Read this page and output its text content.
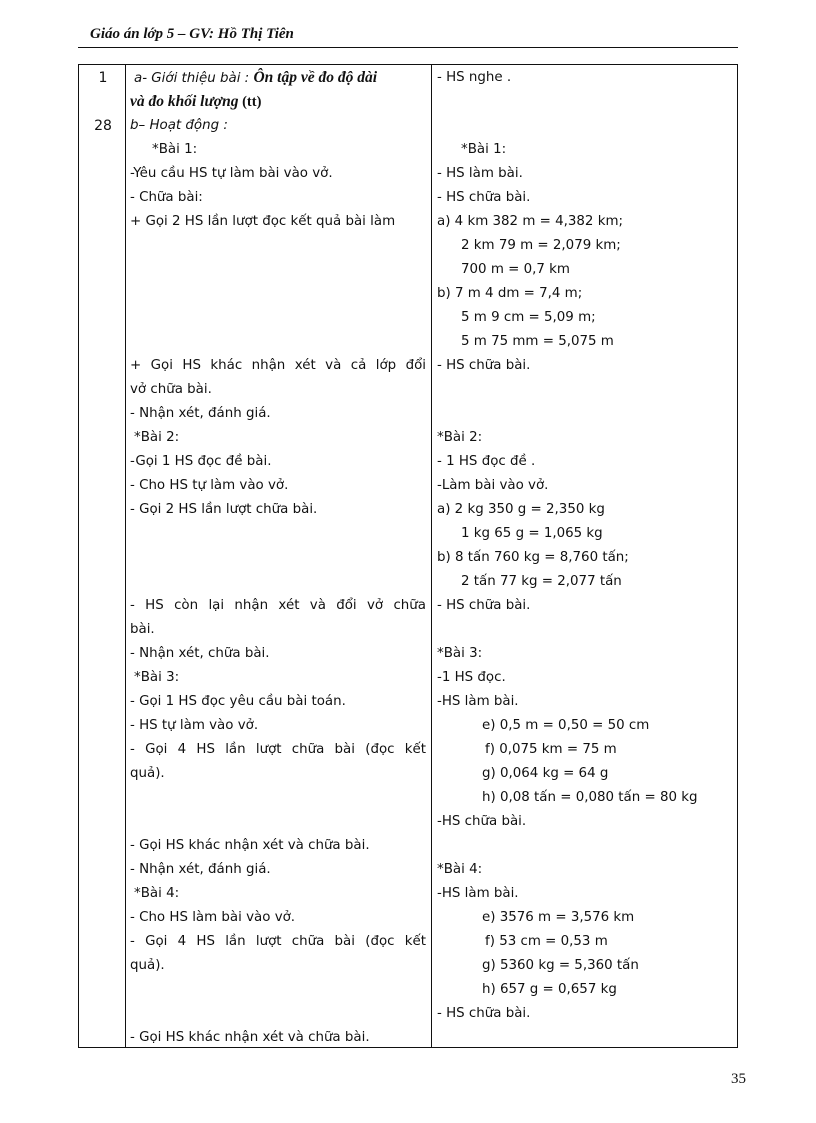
Giáo án lớp 5 – GV: Hồ Thị Tiên
1
28
a- Giới thiệu bài : Ôn tập về đo độ dài
và đo khối lượng (tt)
b– Hoạt động :
*Bài 1:
-Yêu cầu HS tự làm bài vào vở.
- Chữa bài:
+ Gọi 2 HS lần lượt đọc kết quả bài làm
+ Gọi HS khác nhận xét và cả lớp đổi
vở chữa bài.
- Nhận xét, đánh giá.
*Bài 2:
-Gọi 1 HS đọc đề bài.
- Cho HS tự làm vào vở.
- Gọi 2 HS lần lượt chữa bài.
- HS còn lại nhận xét và đổi vở chữa
bài.
- Nhận xét, chữa bài.
*Bài 3:
- Gọi 1 HS đọc yêu cầu bài toán.
- HS tự làm vào vở.
- Gọi 4 HS lần lượt chữa bài (đọc kết
quả).
- Gọi HS khác nhận xét và chữa bài.
- Nhận xét, đánh giá.
*Bài 4:
- Cho HS làm bài vào vở.
- Gọi 4 HS lần lượt chữa bài (đọc kết
quả).
- Gọi HS khác nhận xét và chữa bài.
- HS nghe .
*Bài 1:
- HS làm bài.
- HS chữa bài.
a) 4 km 382 m = 4,382 km;
2 km 79 m = 2,079 km;
700 m = 0,7 km
b) 7 m 4 dm = 7,4 m;
5 m 9 cm = 5,09 m;
5 m 75 mm = 5,075 m
- HS chữa bài.
*Bài 2:
- 1 HS đọc đề .
-Làm bài vào vở.
a) 2 kg 350 g = 2,350 kg
1 kg 65 g = 1,065 kg
b) 8 tấn 760 kg = 8,760 tấn;
2 tấn 77 kg = 2,077 tấn
- HS chữa bài.
*Bài 3:
-1 HS đọc.
-HS làm bài.
e) 0,5 m = 0,50 = 50 cm
f) 0,075 km = 75 m
g) 0,064 kg = 64 g
h) 0,08 tấn = 0,080 tấn = 80 kg
-HS chữa bài.
*Bài 4:
-HS làm bài.
e) 3576 m = 3,576 km
f) 53 cm = 0,53 m
g) 5360 kg = 5,360 tấn
h) 657 g = 0,657 kg
- HS chữa bài.
35
